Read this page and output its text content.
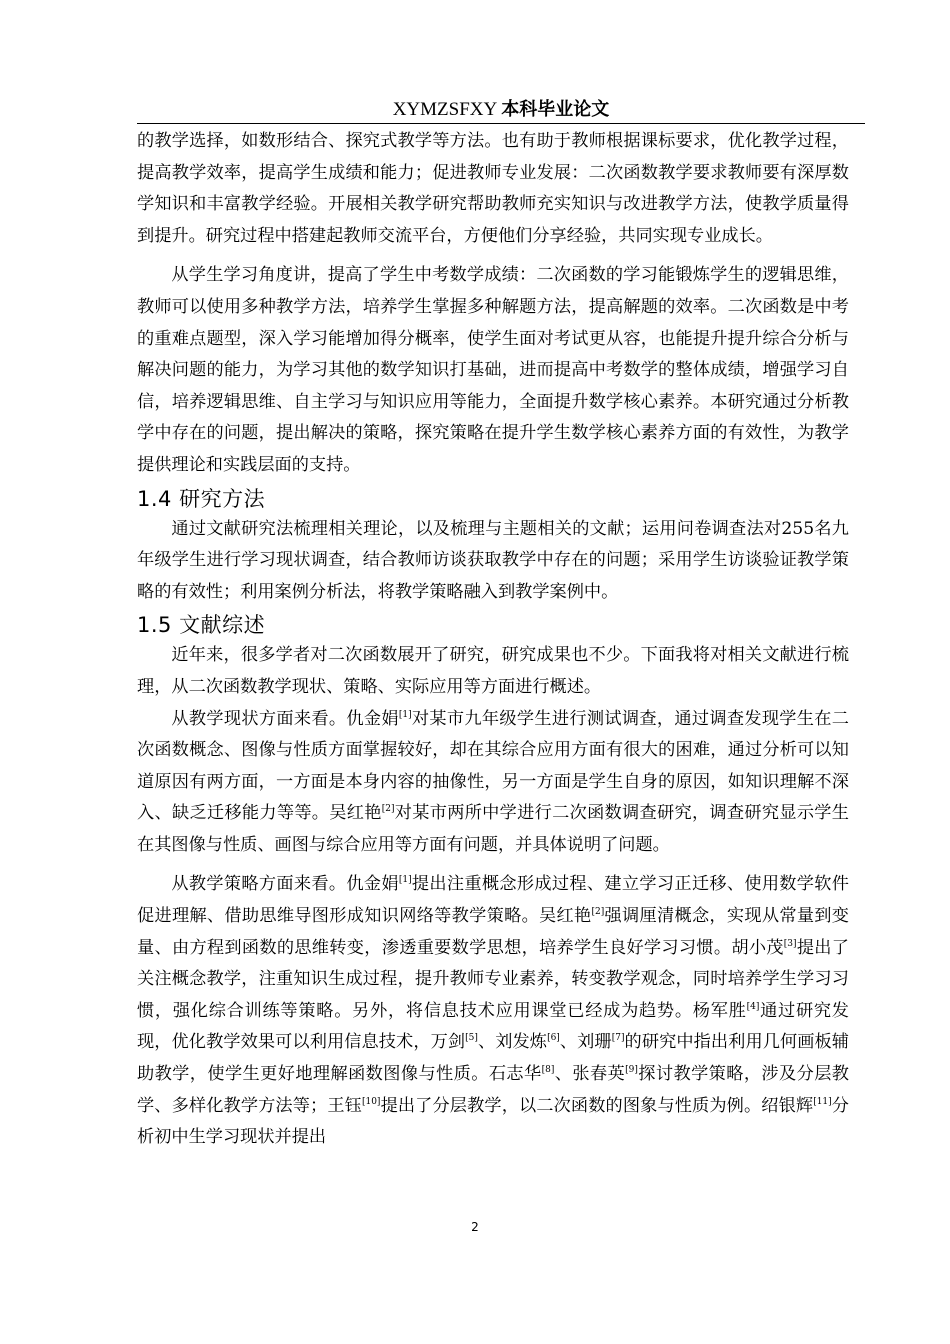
XYMZSFXY 本科毕业论文

的教学选择，如数形结合、探究式教学等方法。也有助于教师根据课标要求，优化教学过程，提高教学效率，提高学生成绩和能力；促进教师专业发展：二次函数教学要求教师要有深厚数学知识和丰富教学经验。开展相关教学研究帮助教师充实知识与改进教学方法，使教学质量得到提升。研究过程中搭建起教师交流平台，方便他们分享经验，共同实现专业成长。

从学生学习角度讲，提高了学生中考数学成绩：二次函数的学习能锻炼学生的逻辑思维，教师可以使用多种教学方法，培养学生掌握多种解题方法，提高解题的效率。二次函数是中考的重难点题型，深入学习能增加得分概率，使学生面对考试更从容，也能提升提升综合分析与解决问题的能力，为学习其他的数学知识打基础，进而提高中考数学的整体成绩，增强学习自信，培养逻辑思维、自主学习与知识应用等能力，全面提升数学核心素养。本研究通过分析教学中存在的问题，提出解决的策略，探究策略在提升学生数学核心素养方面的有效性，为教学提供理论和实践层面的支持。

1.4 研究方法

通过文献研究法梳理相关理论，以及梳理与主题相关的文献；运用问卷调查法对255名九年级学生进行学习现状调查，结合教师访谈获取教学中存在的问题；采用学生访谈验证教学策略的有效性；利用案例分析法，将教学策略融入到教学案例中。

1.5 文献综述

近年来，很多学者对二次函数展开了研究，研究成果也不少。下面我将对相关文献进行梳理，从二次函数教学现状、策略、实际应用等方面进行概述。

从教学现状方面来看。仇金娟[1]对某市九年级学生进行测试调查，通过调查发现学生在二次函数概念、图像与性质方面掌握较好，却在其综合应用方面有很大的困难，通过分析可以知道原因有两方面，一方面是本身内容的抽像性，另一方面是学生自身的原因，如知识理解不深入、缺乏迁移能力等等。吴红艳[2]对某市两所中学进行二次函数调查研究，调查研究显示学生在其图像与性质、画图与综合应用等方面有问题，并具体说明了问题。

从教学策略方面来看。仇金娟[1]提出注重概念形成过程、建立学习正迁移、使用数学软件促进理解、借助思维导图形成知识网络等教学策略。吴红艳[2]强调厘清概念，实现从常量到变量、由方程到函数的思维转变，渗透重要数学思想，培养学生良好学习习惯。胡小茂[3]提出了关注概念教学，注重知识生成过程，提升教师专业素养，转变教学观念，同时培养学生学习习惯，强化综合训练等策略。另外，将信息技术应用课堂已经成为趋势。杨军胜[4]通过研究发现，优化教学效果可以利用信息技术，万剑[5]、刘发炼[6]、刘珊[7]的研究中指出利用几何画板辅助教学，使学生更好地理解函数图像与性质。石志华[8]、张春英[9]探讨教学策略，涉及分层教学、多样化教学方法等；王钰[10]提出了分层教学，以二次函数的图象与性质为例。绍银辉[11]分析初中生学习现状并提出

2
